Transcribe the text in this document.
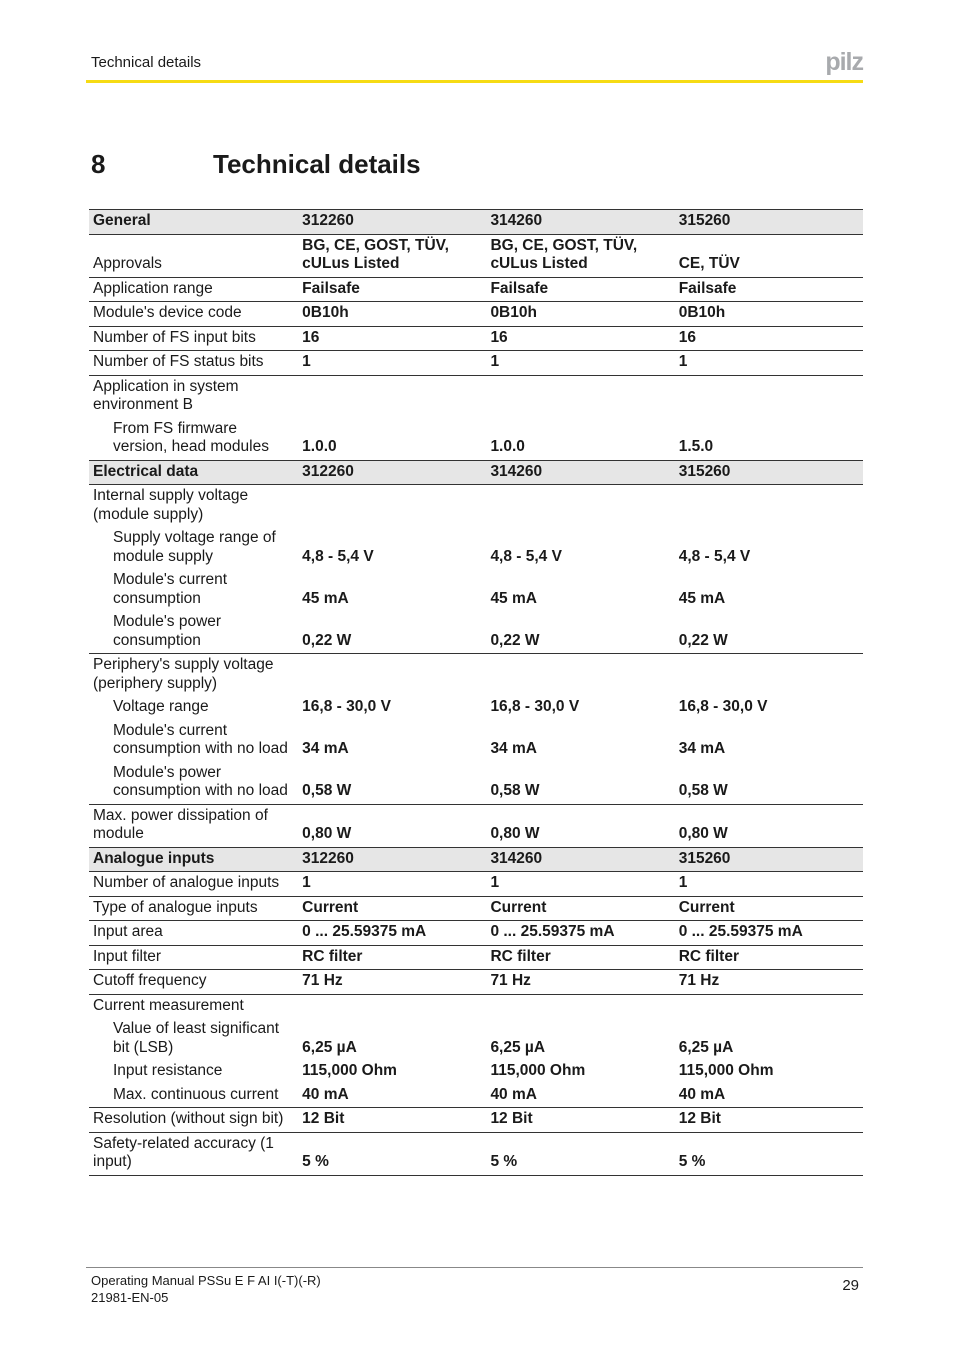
Technical details	pilz
8	Technical details
General	312260	314260	315260
Approvals	BG, CE, GOST, TÜV, cULus Listed	BG, CE, GOST, TÜV, cULus Listed	CE, TÜV
Application range	Failsafe	Failsafe	Failsafe
Module's device code	0B10h	0B10h	0B10h
Number of FS input bits	16	16	16
Number of FS status bits	1	1	1
Application in system environment B			
From FS firmware version, head modules	1.0.0	1.0.0	1.5.0
Electrical data	312260	314260	315260
Internal supply voltage (module supply)			
Supply voltage range of module supply	4,8 - 5,4 V	4,8 - 5,4 V	4,8 - 5,4 V
Module's current consumption	45 mA	45 mA	45 mA
Module's power consumption	0,22 W	0,22 W	0,22 W
Periphery's supply voltage (periphery supply)			
Voltage range	16,8 - 30,0 V	16,8 - 30,0 V	16,8 - 30,0 V
Module's current consumption with no load	34 mA	34 mA	34 mA
Module's power consumption with no load	0,58 W	0,58 W	0,58 W
Max. power dissipation of module	0,80 W	0,80 W	0,80 W
Analogue inputs	312260	314260	315260
Number of analogue inputs	1	1	1
Type of analogue inputs	Current	Current	Current
Input area	0 ... 25.59375 mA	0 ... 25.59375 mA	0 ... 25.59375 mA
Input filter	RC filter	RC filter	RC filter
Cutoff frequency	71 Hz	71 Hz	71 Hz
Current measurement			
Value of least significant bit (LSB)	6,25 µA	6,25 µA	6,25 µA
Input resistance	115,000 Ohm	115,000 Ohm	115,000 Ohm
Max. continuous current	40 mA	40 mA	40 mA
Resolution (without sign bit)	12 Bit	12 Bit	12 Bit
Safety-related accuracy (1 input)	5 %	5 %	5 %
Operating Manual PSSu E F AI I(-T)(-R)
21981-EN-05
29
